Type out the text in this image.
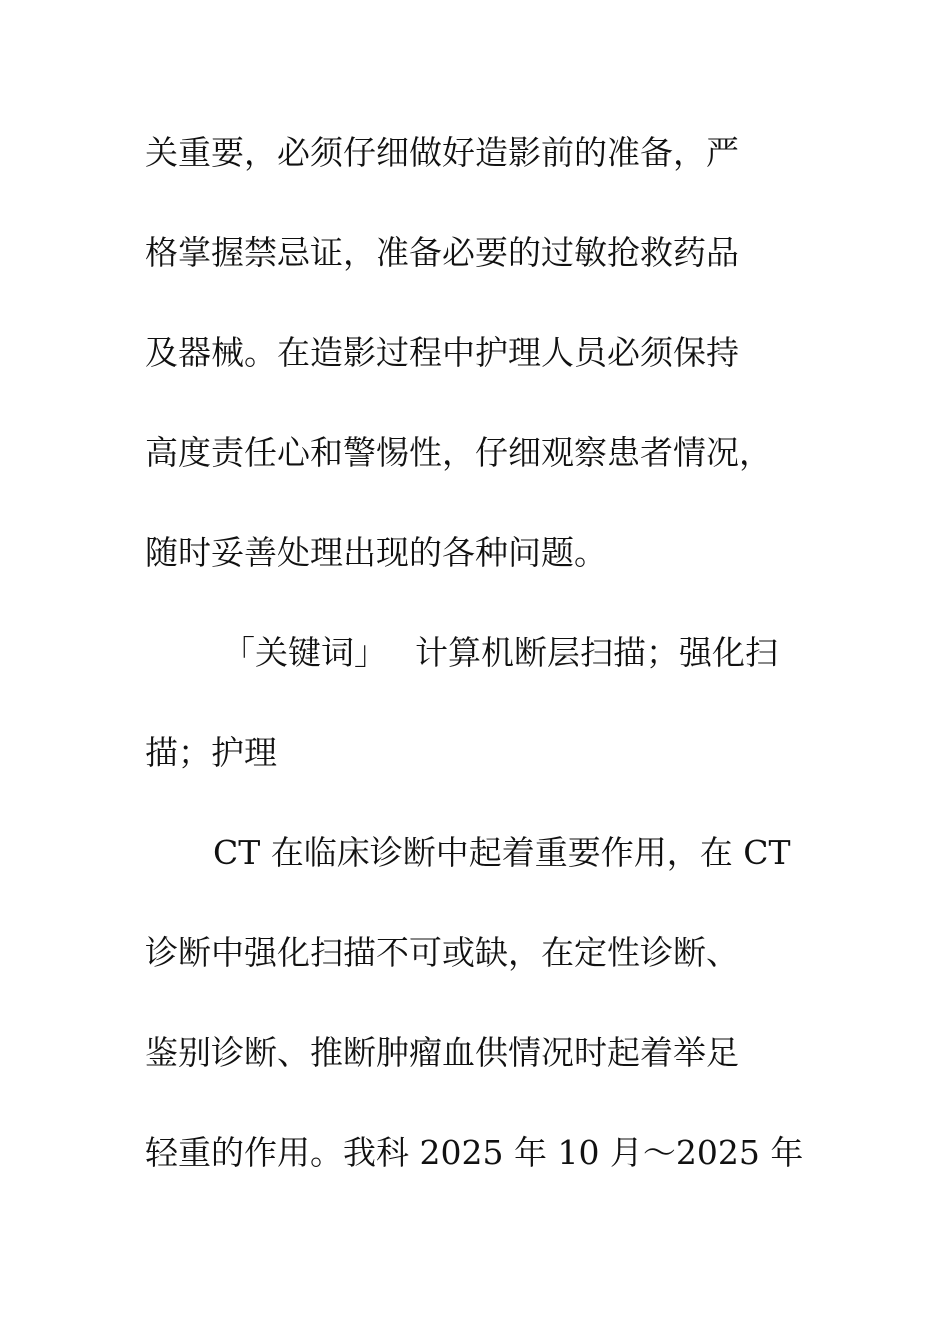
关重要，必须仔细做好造影前的准备，严
格掌握禁忌证，准备必要的过敏抢救药品
及器械。在造影过程中护理人员必须保持
高度责任心和警惕性，仔细观察患者情况，
随时妥善处理出现的各种问题。
「关键词」 计算机断层扫描；强化扫
描；护理
CT 在临床诊断中起着重要作用，在 CT
诊断中强化扫描不可或缺，在定性诊断、
鉴别诊断、推断肿瘤血供情况时起着举足
轻重的作用。我科 2025 年 10 月～2025 年
